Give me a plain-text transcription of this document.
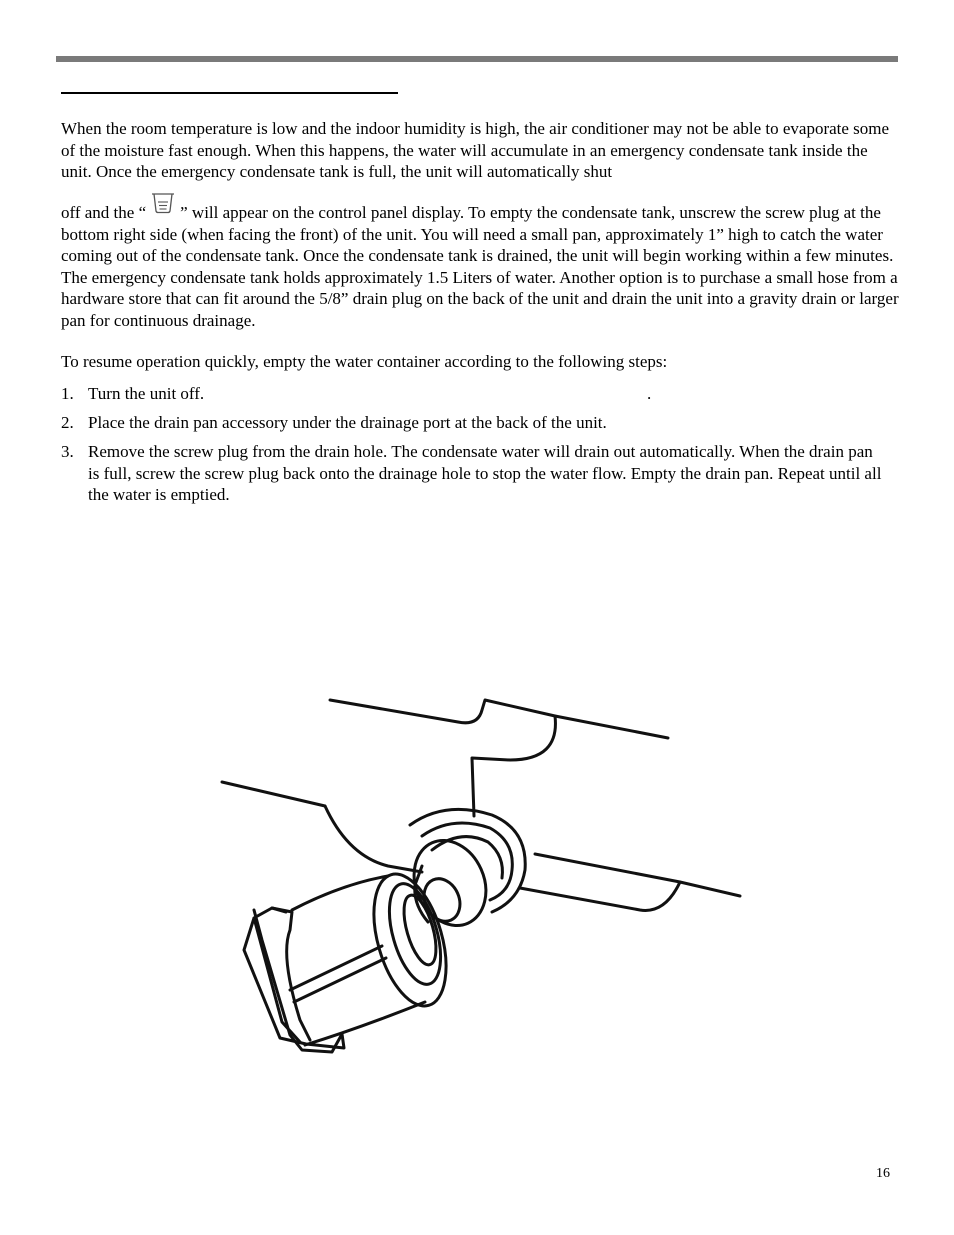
When the room temperature is low and the indoor humidity is high, the air conditioner may not be able to evaporate some of the moisture fast enough. When this happens, the water will accumulate in an emergency condensate tank inside the unit. Once the emergency condensate tank is full, the unit will automatically shut
off and the “ ” will appear on the control panel display. To empty the condensate tank, unscrew the screw plug at the bottom right side (when facing the front) of the unit. You will need a small pan, approximately 1” high to catch the water coming out of the condensate tank. Once the condensate tank is drained, the unit will begin working within a few minutes. The emergency condensate tank holds approximately 1.5 Liters of water. Another option is to purchase a small hose from a hardware store that can fit around the 5/8” drain plug on the back of the unit and drain the unit into a gravity drain or larger pan for continuous drainage.
To resume operation quickly, empty the water container according to the following steps:
1. Turn the unit off.	.
2. Place the drain pan accessory under the drainage port at the back of the unit.
3. Remove the screw plug from the drain hole. The condensate water will drain out automatically. When the drain pan is full, screw the screw plug back onto the drainage hole to stop the water flow. Empty the drain pan. Repeat until all the water is emptied.
16
